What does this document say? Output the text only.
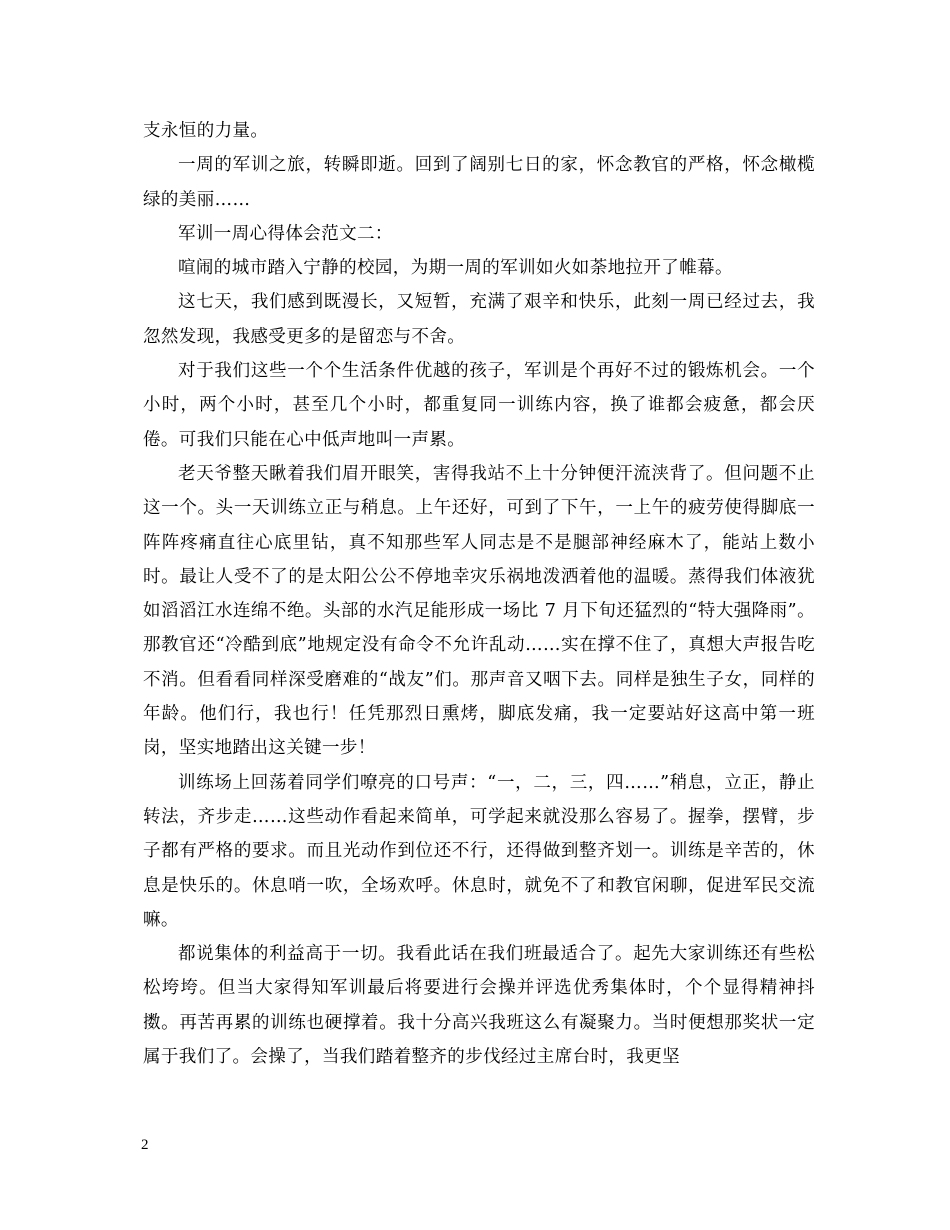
支永恒的力量。

一周的军训之旅，转瞬即逝。回到了阔别七日的家，怀念教官的严格，怀念橄榄绿的美丽……

军训一周心得体会范文二：

喧闹的城市踏入宁静的校园，为期一周的军训如火如荼地拉开了帷幕。

这七天，我们感到既漫长，又短暂，充满了艰辛和快乐，此刻一周已经过去，我忽然发现，我感受更多的是留恋与不舍。

对于我们这些一个个生活条件优越的孩子，军训是个再好不过的锻炼机会。一个小时，两个小时，甚至几个小时，都重复同一训练内容，换了谁都会疲惫，都会厌倦。可我们只能在心中低声地叫一声累。

老天爷整天瞅着我们眉开眼笑，害得我站不上十分钟便汗流浃背了。但问题不止这一个。头一天训练立正与稍息。上午还好，可到了下午，一上午的疲劳使得脚底一阵阵疼痛直往心底里钻，真不知那些军人同志是不是腿部神经麻木了，能站上数小时。最让人受不了的是太阳公公不停地幸灾乐祸地泼洒着他的温暖。蒸得我们体液犹如滔滔江水连绵不绝。头部的水汽足能形成一场比 7 月下旬还猛烈的“特大强降雨”。那教官还“冷酷到底”地规定没有命令不允许乱动……实在撑不住了，真想大声报告吃不消。但看看同样深受磨难的“战友”们。那声音又咽下去。同样是独生子女，同样的年龄。他们行，我也行！任凭那烈日熏烤，脚底发痛，我一定要站好这高中第一班岗，坚实地踏出这关键一步！

训练场上回荡着同学们嘹亮的口号声：“一，二，三，四……”稍息，立正，静止转法，齐步走……这些动作看起来简单，可学起来就没那么容易了。握拳，摆臂，步子都有严格的要求。而且光动作到位还不行，还得做到整齐划一。训练是辛苦的，休息是快乐的。休息哨一吹，全场欢呼。休息时，就免不了和教官闲聊，促进军民交流嘛。

都说集体的利益高于一切。我看此话在我们班最适合了。起先大家训练还有些松松垮垮。但当大家得知军训最后将要进行会操并评选优秀集体时，个个显得精神抖擞。再苦再累的训练也硬撑着。我十分高兴我班这么有凝聚力。当时便想那奖状一定属于我们了。会操了，当我们踏着整齐的步伐经过主席台时，我更坚

2
